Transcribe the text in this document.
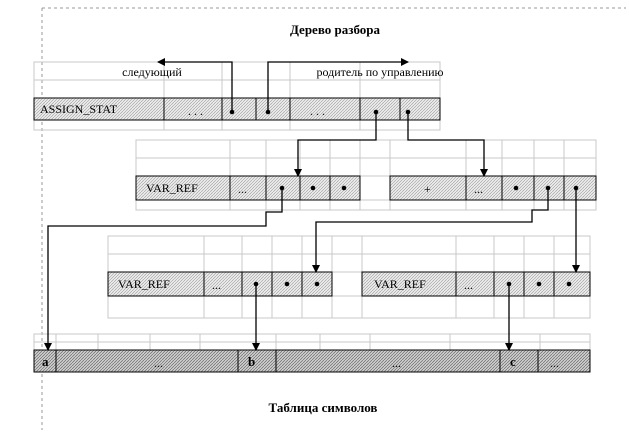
Дерево разбора
Таблица символов
следующий	родитель по управлению
ASSIGN_STAT	. . .	. . .
VAR_REF	...	+	...
VAR_REF	...	VAR_REF	...
a	...	b	...	c	...
